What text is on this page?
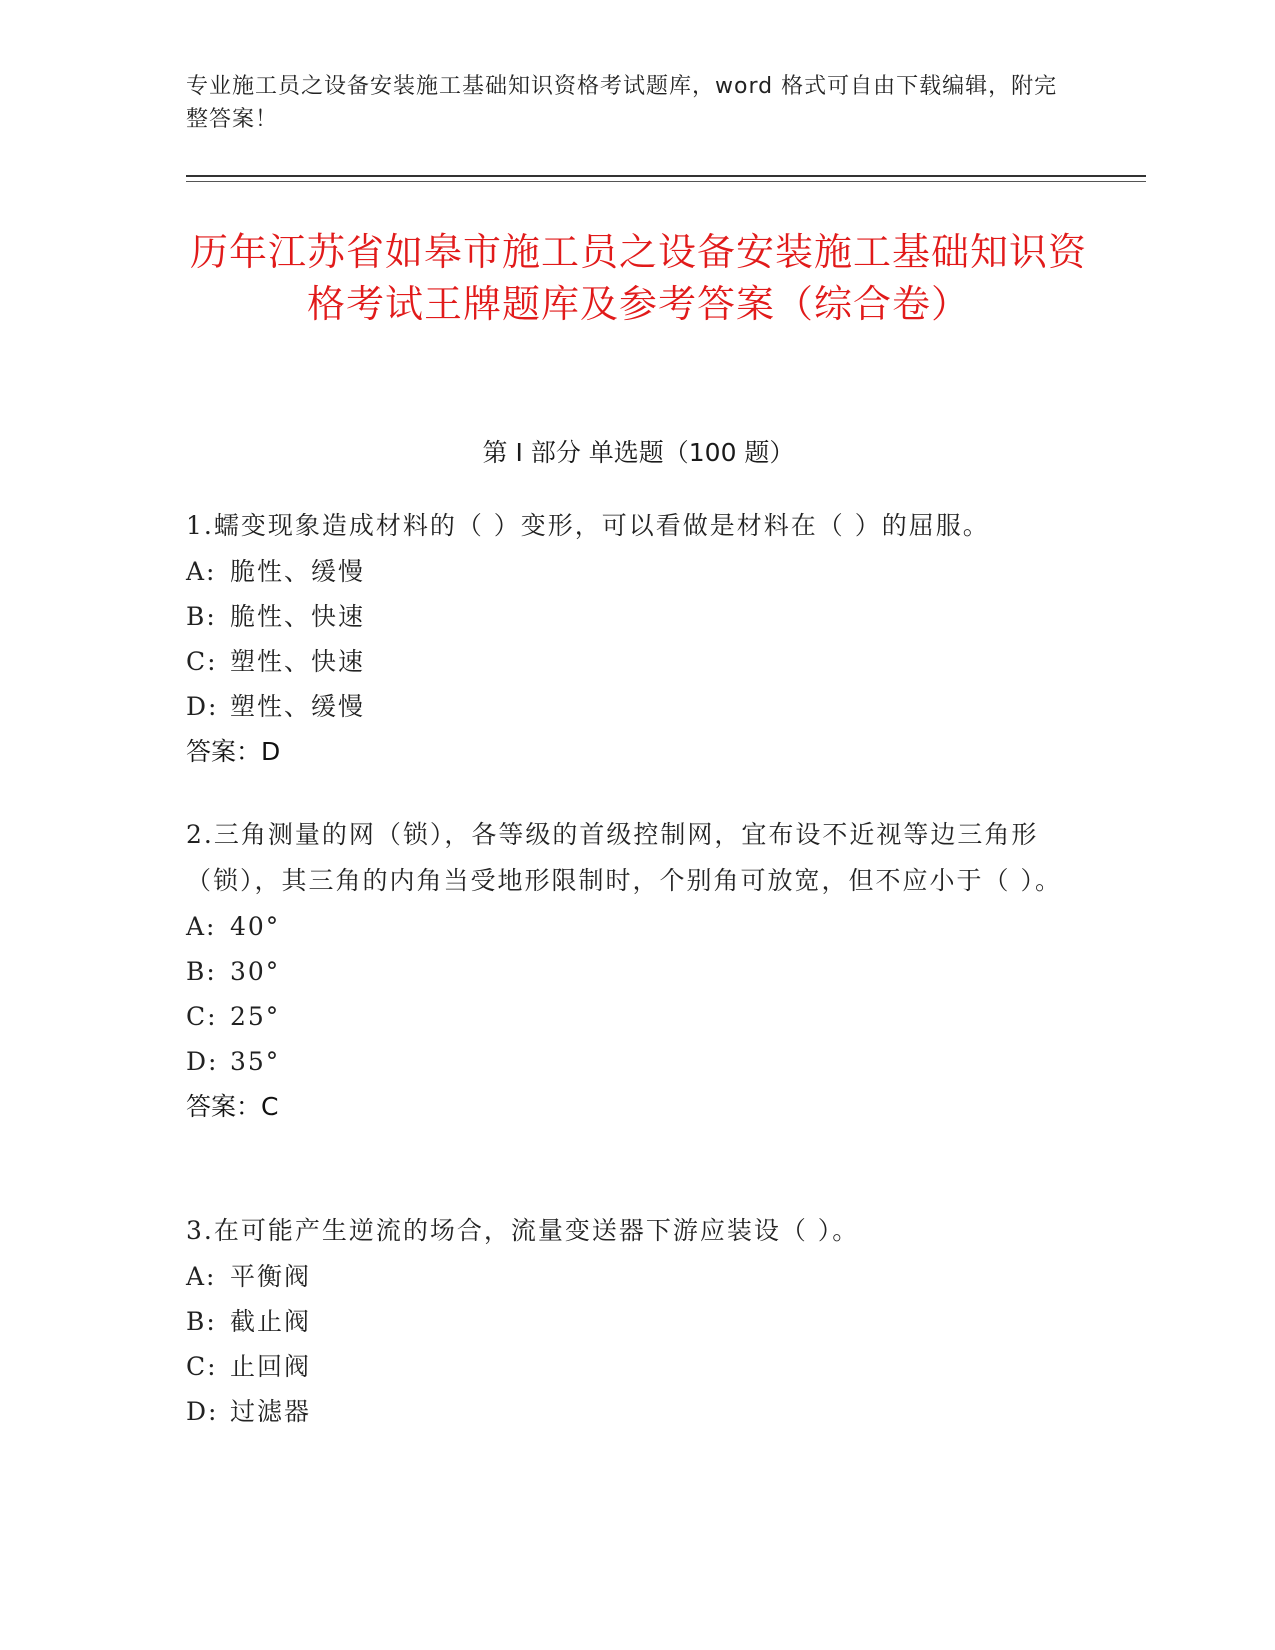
专业施工员之设备安装施工基础知识资格考试题库，word 格式可自由下载编辑，附完整答案！
历年江苏省如皋市施工员之设备安装施工基础知识资格考试王牌题库及参考答案（综合卷）
第 I 部分 单选题（100 题）
1.蠕变现象造成材料的（ ）变形，可以看做是材料在（ ）的屈服。
A: 脆性、缓慢
B: 脆性、快速
C: 塑性、快速
D: 塑性、缓慢
答案：D
2.三角测量的网（锁），各等级的首级控制网，宜布设不近视等边三角形（锁），其三角的内角当受地形限制时，个别角可放宽，但不应小于（ ）。
A: 40°
B: 30°
C: 25°
D: 35°
答案：C
3.在可能产生逆流的场合，流量变送器下游应装设（ ）。
A: 平衡阀
B: 截止阀
C: 止回阀
D: 过滤器
